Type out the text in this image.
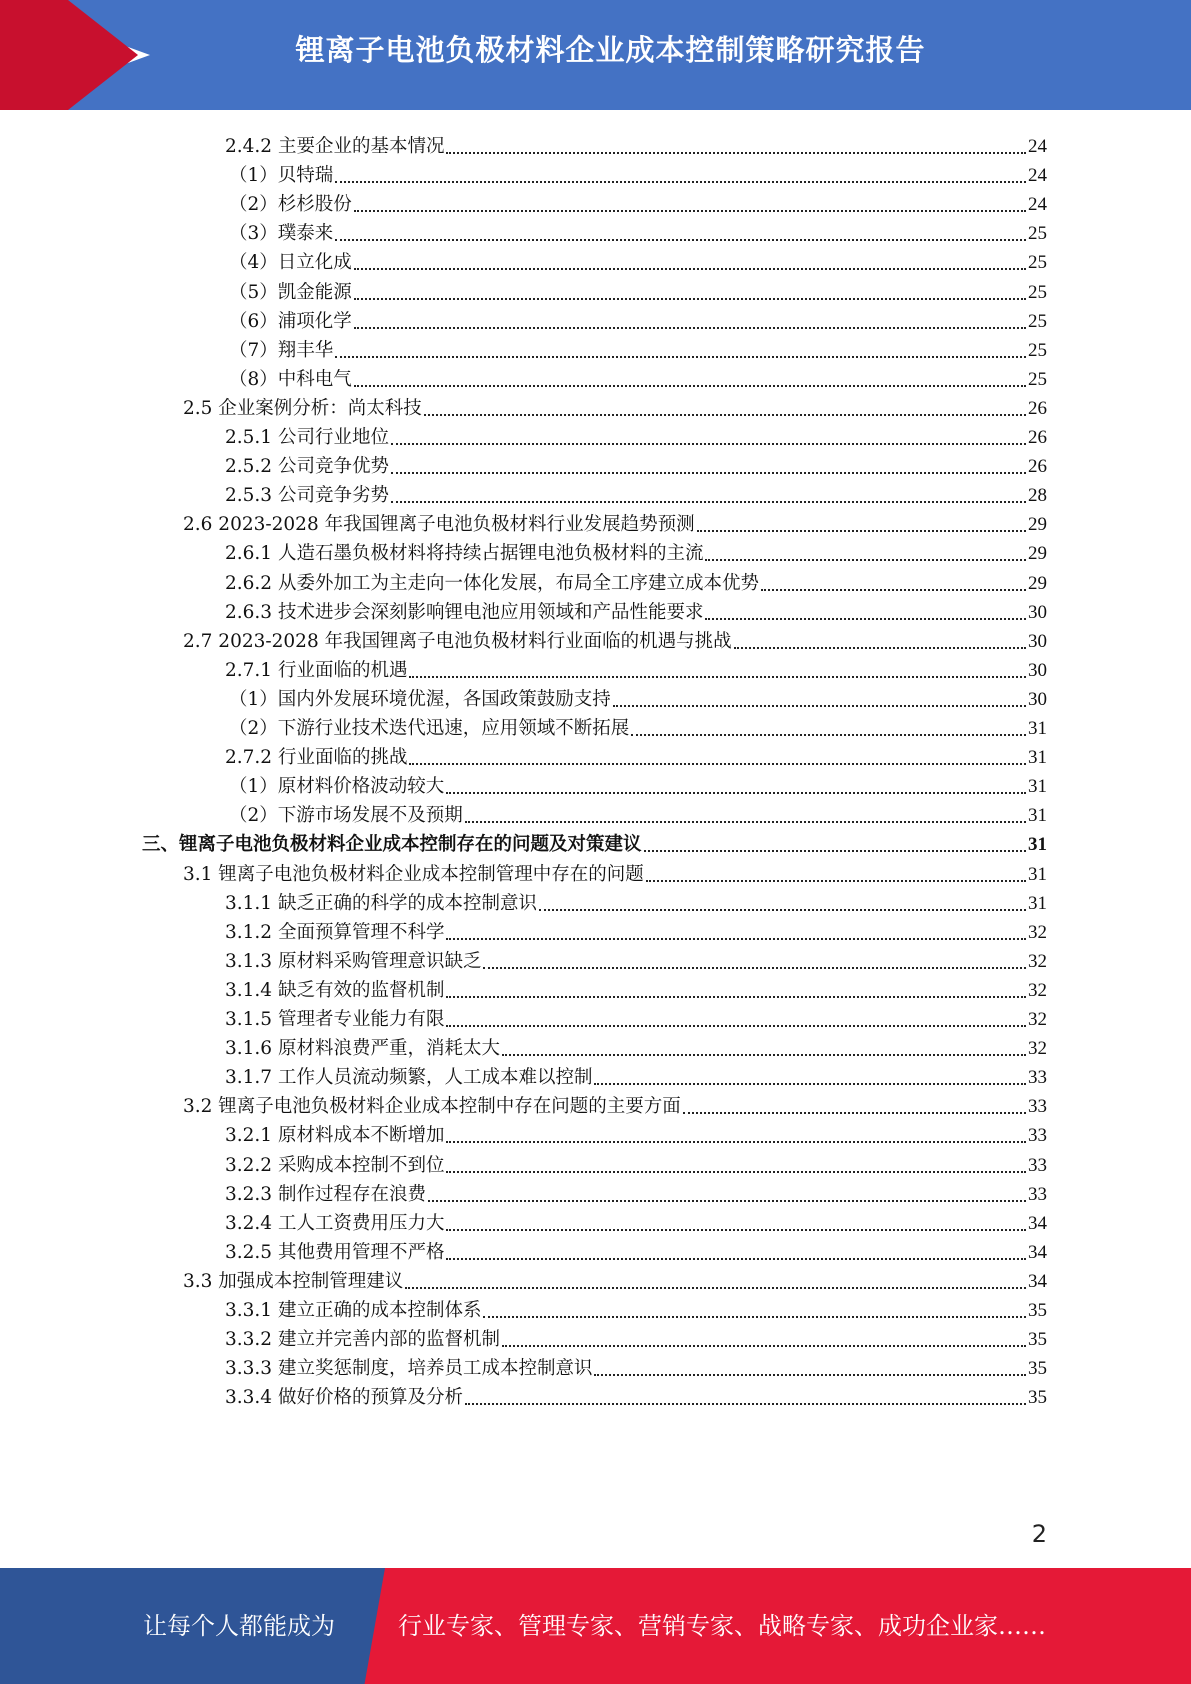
锂离子电池负极材料企业成本控制策略研究报告
2.4.2 主要企业的基本情况	24
（1）贝特瑞	24
（2）杉杉股份	24
（3）璞泰来	25
（4）日立化成	25
（5）凯金能源	25
（6）浦项化学	25
（7）翔丰华	25
（8）中科电气	25
2.5 企业案例分析：尚太科技	26
2.5.1 公司行业地位	26
2.5.2 公司竞争优势	26
2.5.3 公司竞争劣势	28
2.6 2023-2028 年我国锂离子电池负极材料行业发展趋势预测	29
2.6.1 人造石墨负极材料将持续占据锂电池负极材料的主流	29
2.6.2 从委外加工为主走向一体化发展，布局全工序建立成本优势	29
2.6.3 技术进步会深刻影响锂电池应用领域和产品性能要求	30
2.7 2023-2028 年我国锂离子电池负极材料行业面临的机遇与挑战	30
2.7.1 行业面临的机遇	30
（1）国内外发展环境优渥，各国政策鼓励支持	30
（2）下游行业技术迭代迅速，应用领域不断拓展	31
2.7.2 行业面临的挑战	31
（1）原材料价格波动较大	31
（2）下游市场发展不及预期	31
三、锂离子电池负极材料企业成本控制存在的问题及对策建议	31
3.1 锂离子电池负极材料企业成本控制管理中存在的问题	31
3.1.1 缺乏正确的科学的成本控制意识	31
3.1.2 全面预算管理不科学	32
3.1.3 原材料采购管理意识缺乏	32
3.1.4 缺乏有效的监督机制	32
3.1.5 管理者专业能力有限	32
3.1.6 原材料浪费严重，消耗太大	32
3.1.7 工作人员流动频繁，人工成本难以控制	33
3.2 锂离子电池负极材料企业成本控制中存在问题的主要方面	33
3.2.1 原材料成本不断增加	33
3.2.2 采购成本控制不到位	33
3.2.3 制作过程存在浪费	33
3.2.4 工人工资费用压力大	34
3.2.5 其他费用管理不严格	34
3.3 加强成本控制管理建议	34
3.3.1 建立正确的成本控制体系	35
3.3.2 建立并完善内部的监督机制	35
3.3.3 建立奖惩制度，培养员工成本控制意识	35
3.3.4 做好价格的预算及分析	35
2
让每个人都能成为	行业专家、管理专家、营销专家、战略专家、成功企业家……
